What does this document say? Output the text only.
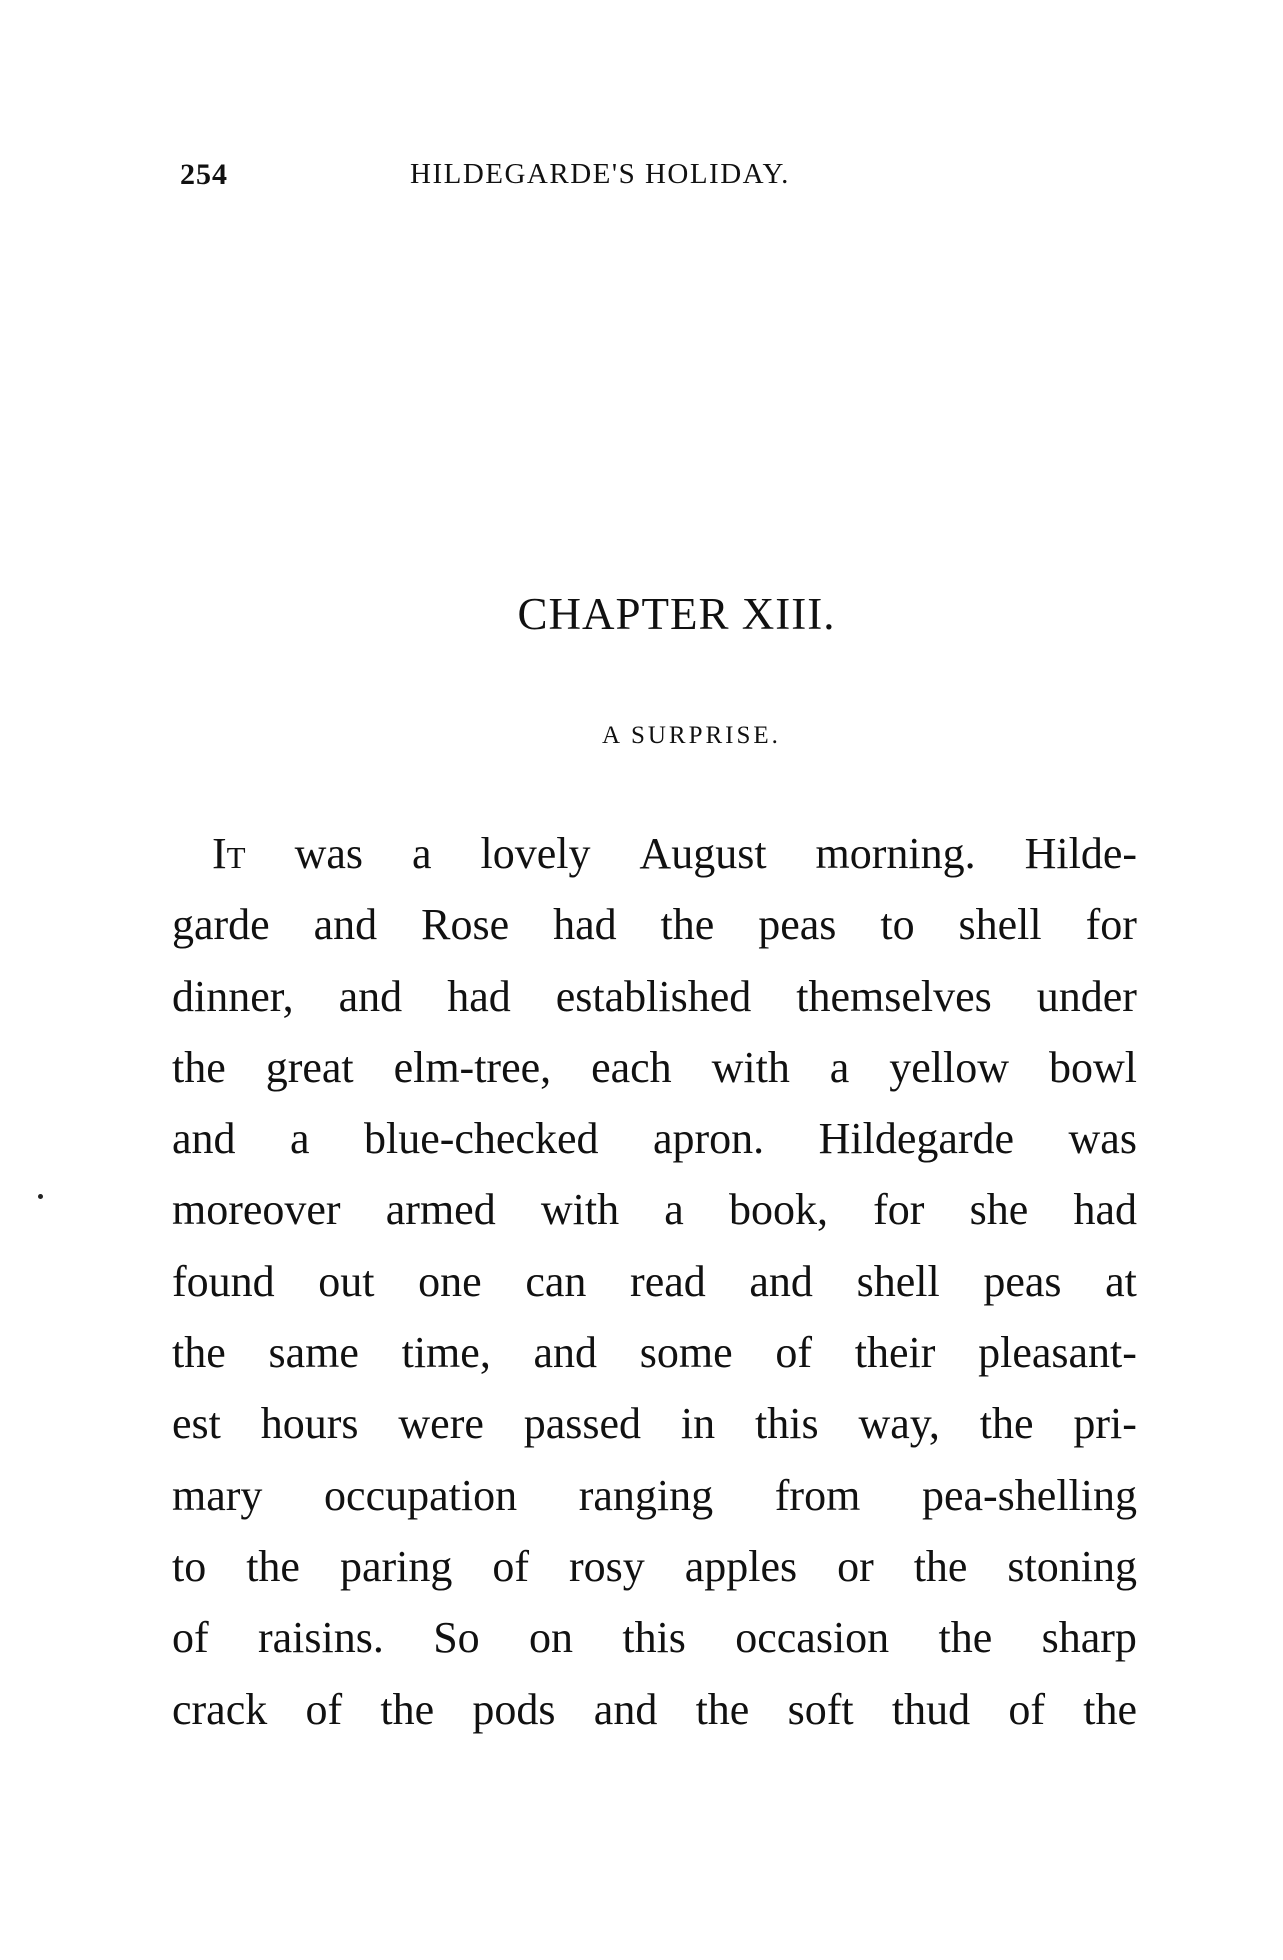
254	HILDEGARDE'S HOLIDAY.
CHAPTER XIII.
A SURPRISE.
It was a lovely August morning. Hilde-
garde and Rose had the peas to shell for
dinner, and had established themselves under
the great elm-tree, each with a yellow bowl
and a blue-checked apron. Hildegarde was
moreover armed with a book, for she had
found out one can read and shell peas at
the same time, and some of their pleasant-
est hours were passed in this way, the pri-
mary occupation ranging from pea-shelling
to the paring of rosy apples or the stoning
of raisins. So on this occasion the sharp
crack of the pods and the soft thud of the
